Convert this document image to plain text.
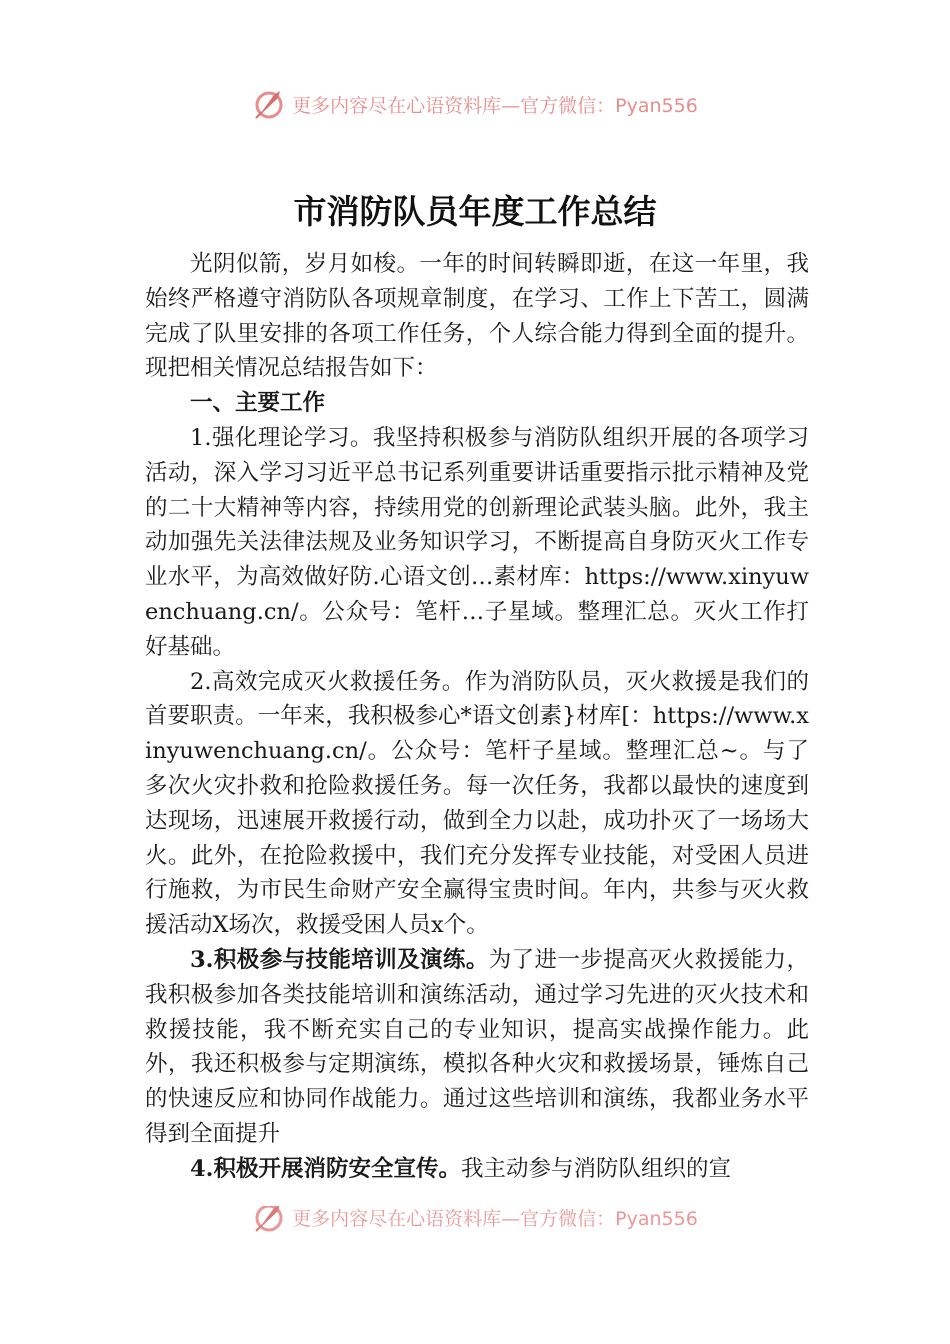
更多内容尽在心语资料库—官方微信：Pyan556
市消防队员年度工作总结

光阴似箭，岁月如梭。一年的时间转瞬即逝，在这一年里，我始终严格遵守消防队各项规章制度，在学习、工作上下苦工，圆满完成了队里安排的各项工作任务，个人综合能力得到全面的提升。现把相关情况总结报告如下：

一、主要工作

1.强化理论学习。我坚持积极参与消防队组织开展的各项学习活动，深入学习习近平总书记系列重要讲话重要指示批示精神及党的二十大精神等内容，持续用党的创新理论武装头脑。此外，我主动加强先关法律法规及业务知识学习，不断提高自身防灭火工作专业水平，为高效做好防.心语文创…素材库：https://www.xinyuwenchuang.cn/。公众号：笔杆…子星域。整理汇总。灭火工作打好基础。

2.高效完成灭火救援任务。作为消防队员，灭火救援是我们的首要职责。一年来，我积极参心*语文创素}材库[：https://www.xinyuwenchuang.cn/。公众号：笔杆子星域。整理汇总~。与了多次火灾扑救和抢险救援任务。每一次任务，我都以最快的速度到达现场，迅速展开救援行动，做到全力以赴，成功扑灭了一场场大火。此外，在抢险救援中，我们充分发挥专业技能，对受困人员进行施救，为市民生命财产安全赢得宝贵时间。年内，共参与灭火救援活动X场次，救援受困人员x个。

3.积极参与技能培训及演练。为了进一步提高灭火救援能力，我积极参加各类技能培训和演练活动，通过学习先进的灭火技术和救援技能，我不断充实自己的专业知识，提高实战操作能力。此外，我还积极参与定期演练，模拟各种火灾和救援场景，锤炼自己的快速反应和协同作战能力。通过这些培训和演练，我都业务水平得到全面提升

4.积极开展消防安全宣传。我主动参与消防队组织的宣

更多内容尽在心语资料库—官方微信：Pyan556
